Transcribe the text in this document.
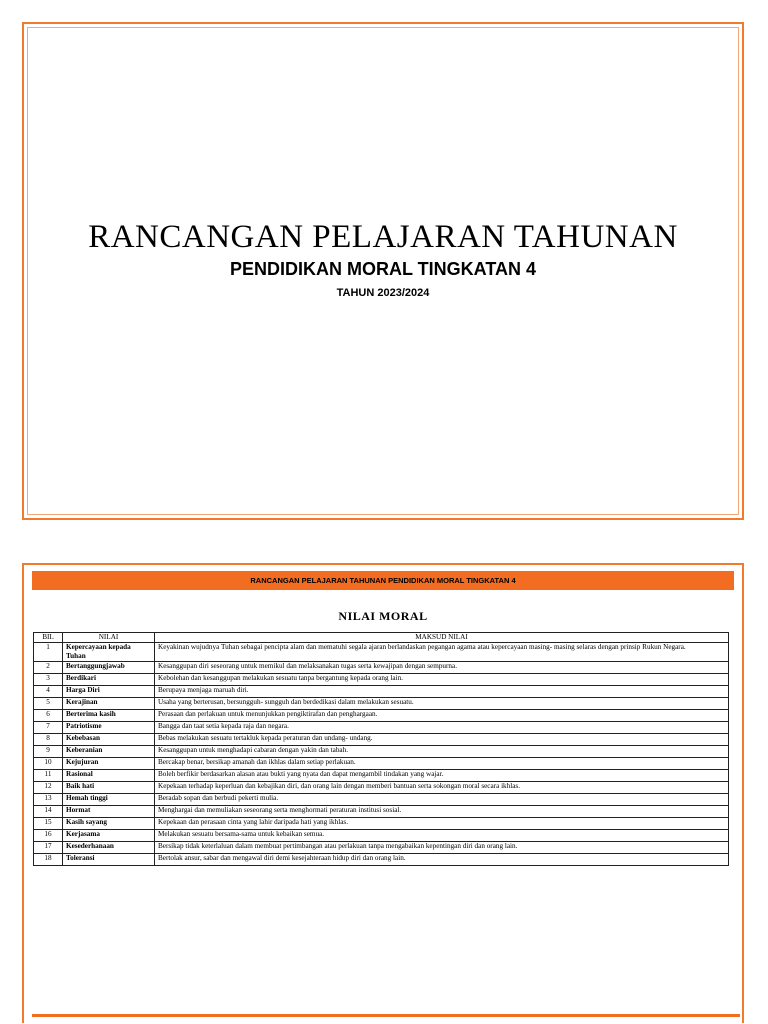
RANCANGAN PELAJARAN TAHUNAN
PENDIDIKAN MORAL TINGKATAN 4

TAHUN 2023/2024

RANCANGAN PELAJARAN TAHUNAN PENDIDIKAN MORAL TINGKATAN 4
NILAI MORAL
BIL	NILAI	MAKSUD NILAI
1	Kepercayaan kepada Tuhan	Keyakinan wujudnya Tuhan sebagai pencipta alam dan mematuhi segala ajaran berlandaskan pegangan agama atau kepercayaan masing- masing selaras dengan prinsip Rukun Negara.
2	Bertanggungjawab	Kesanggupan diri seseorang untuk memikul dan melaksanakan tugas serta kewajipan dengan sempurna.
3	Berdikari	Kebolehan dan kesanggupan melakukan sesuatu tanpa bergantung kepada orang lain.
4	Harga Diri	Berupaya menjaga maruah diri.
5	Kerajinan	Usaha yang berterusan, bersungguh- sungguh dan berdedikasi dalam melakukan sesuatu.
6	Berterima kasih	Perasaan dan perlakuan untuk menunjukkan pengiktirafan dan penghargaan.
7	Patriotisme	Bangga dan taat setia kepada raja dan negara.
8	Kebebasan	Bebas melakukan sesuatu tertakluk kepada peraturan dan undang- undang.
9	Keberanian	Kesanggupan untuk menghadapi cabaran dengan yakin dan tabah.
10	Kejujuran	Bercakap benar, bersikap amanah dan ikhlas dalam setiap perlakuan.
11	Rasional	Boleh berfikir berdasarkan alasan atau bukti yang nyata dan dapat mengambil tindakan yang wajar.
12	Baik hati	Kepekaan terhadap keperluan dan kebajikan diri, dan orang lain dengan memberi bantuan serta sokongan moral secara ikhlas.
13	Hemah tinggi	Beradab sopan dan berbudi pekerti mulia.
14	Hormat	Menghargai dan memuliakan seseorang serta menghormati peraturan institusi sosial.
15	Kasih sayang	Kepekaan dan perasaan cinta yang lahir daripada hati yang ikhlas.
16	Kerjasama	Melakukan sesuatu bersama-sama untuk kebaikan semua.
17	Kesederhanaan	Bersikap tidak keterlaluan dalam membuat pertimbangan atau perlakuan tanpa mengabaikan kepentingan diri dan orang lain.
18	Toleransi	Bertolak ansur, sabar dan mengawal diri demi kesejahteraan hidup diri dan orang lain.
